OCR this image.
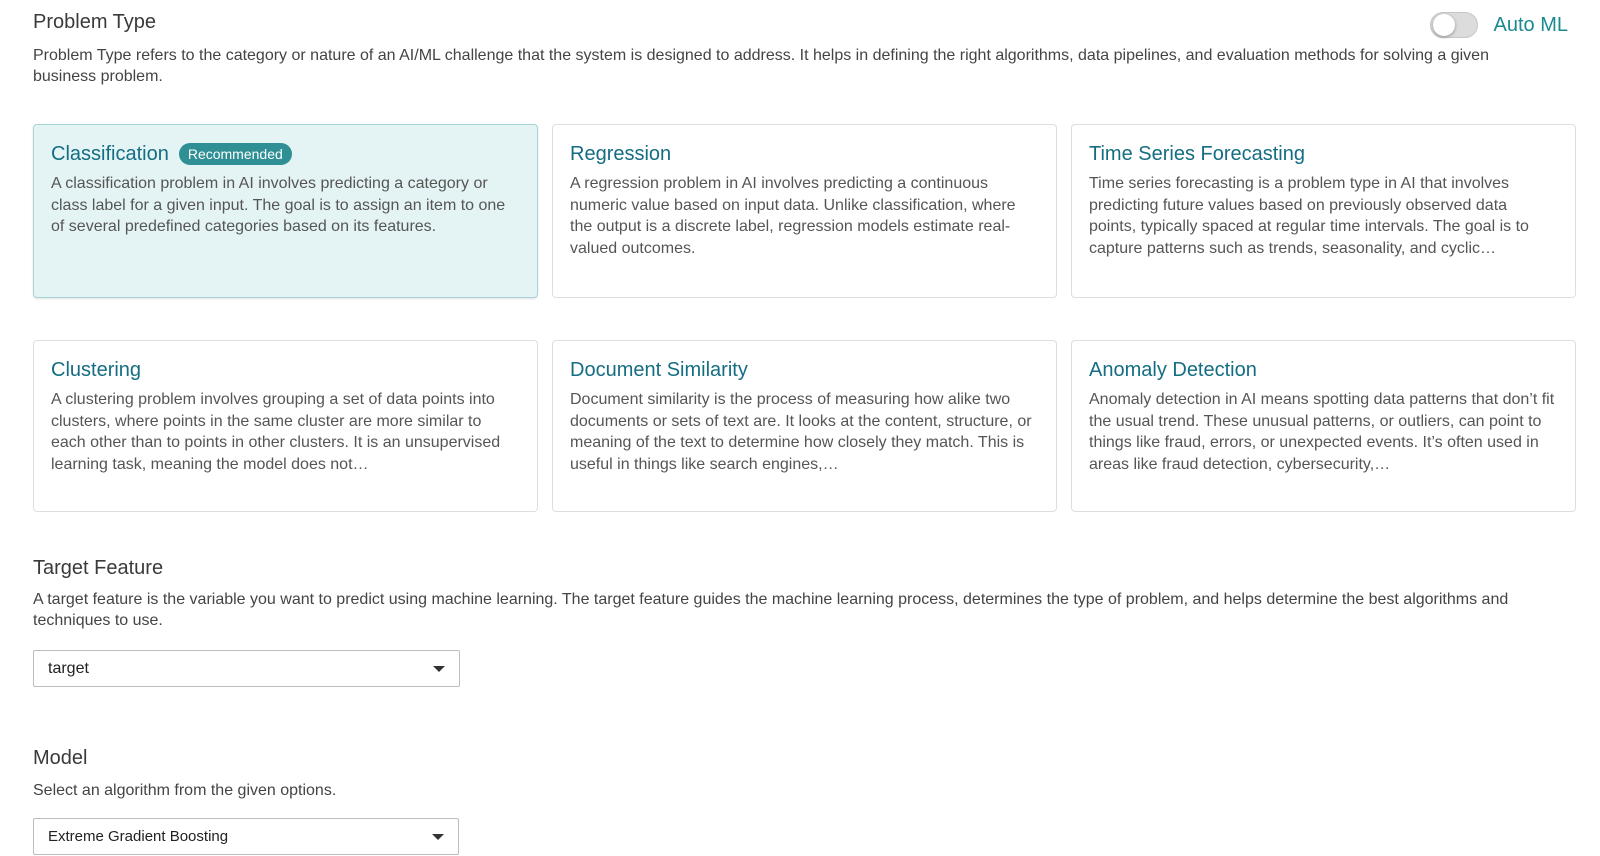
Problem Type	Auto ML

Problem Type refers to the category or nature of an AI/ML challenge that the system is designed to address. It helps in defining the right algorithms, data pipelines, and evaluation methods for solving a given business problem.

Classification	Recommended
A classification problem in AI involves predicting a category or class label for a given input. The goal is to assign an item to one of several predefined categories based on its features.
Regression
A regression problem in AI involves predicting a continuous numeric value based on input data. Unlike classification, where the output is a discrete label, regression models estimate real- valued outcomes.
Time Series Forecasting
Time series forecasting is a problem type in AI that involves predicting future values based on previously observed data points, typically spaced at regular time intervals. The goal is to capture patterns such as trends, seasonality, and cyclic…
Clustering
A clustering problem involves grouping a set of data points into clusters, where points in the same cluster are more similar to each other than to points in other clusters. It is an unsupervised learning task, meaning the model does not…
Document Similarity
Document similarity is the process of measuring how alike two documents or sets of text are. It looks at the content, structure, or meaning of the text to determine how closely they match. This is useful in things like search engines,…
Anomaly Detection
Anomaly detection in AI means spotting data patterns that don’t fit the usual trend. These unusual patterns, or outliers, can point to things like fraud, errors, or unexpected events. It’s often used in areas like fraud detection, cybersecurity,…
Target Feature

A target feature is the variable you want to predict using machine learning. The target feature guides the machine learning process, determines the type of problem, and helps determine the best algorithms and techniques to use.

target
Model

Select an algorithm from the given options.

Extreme Gradient Boosting
